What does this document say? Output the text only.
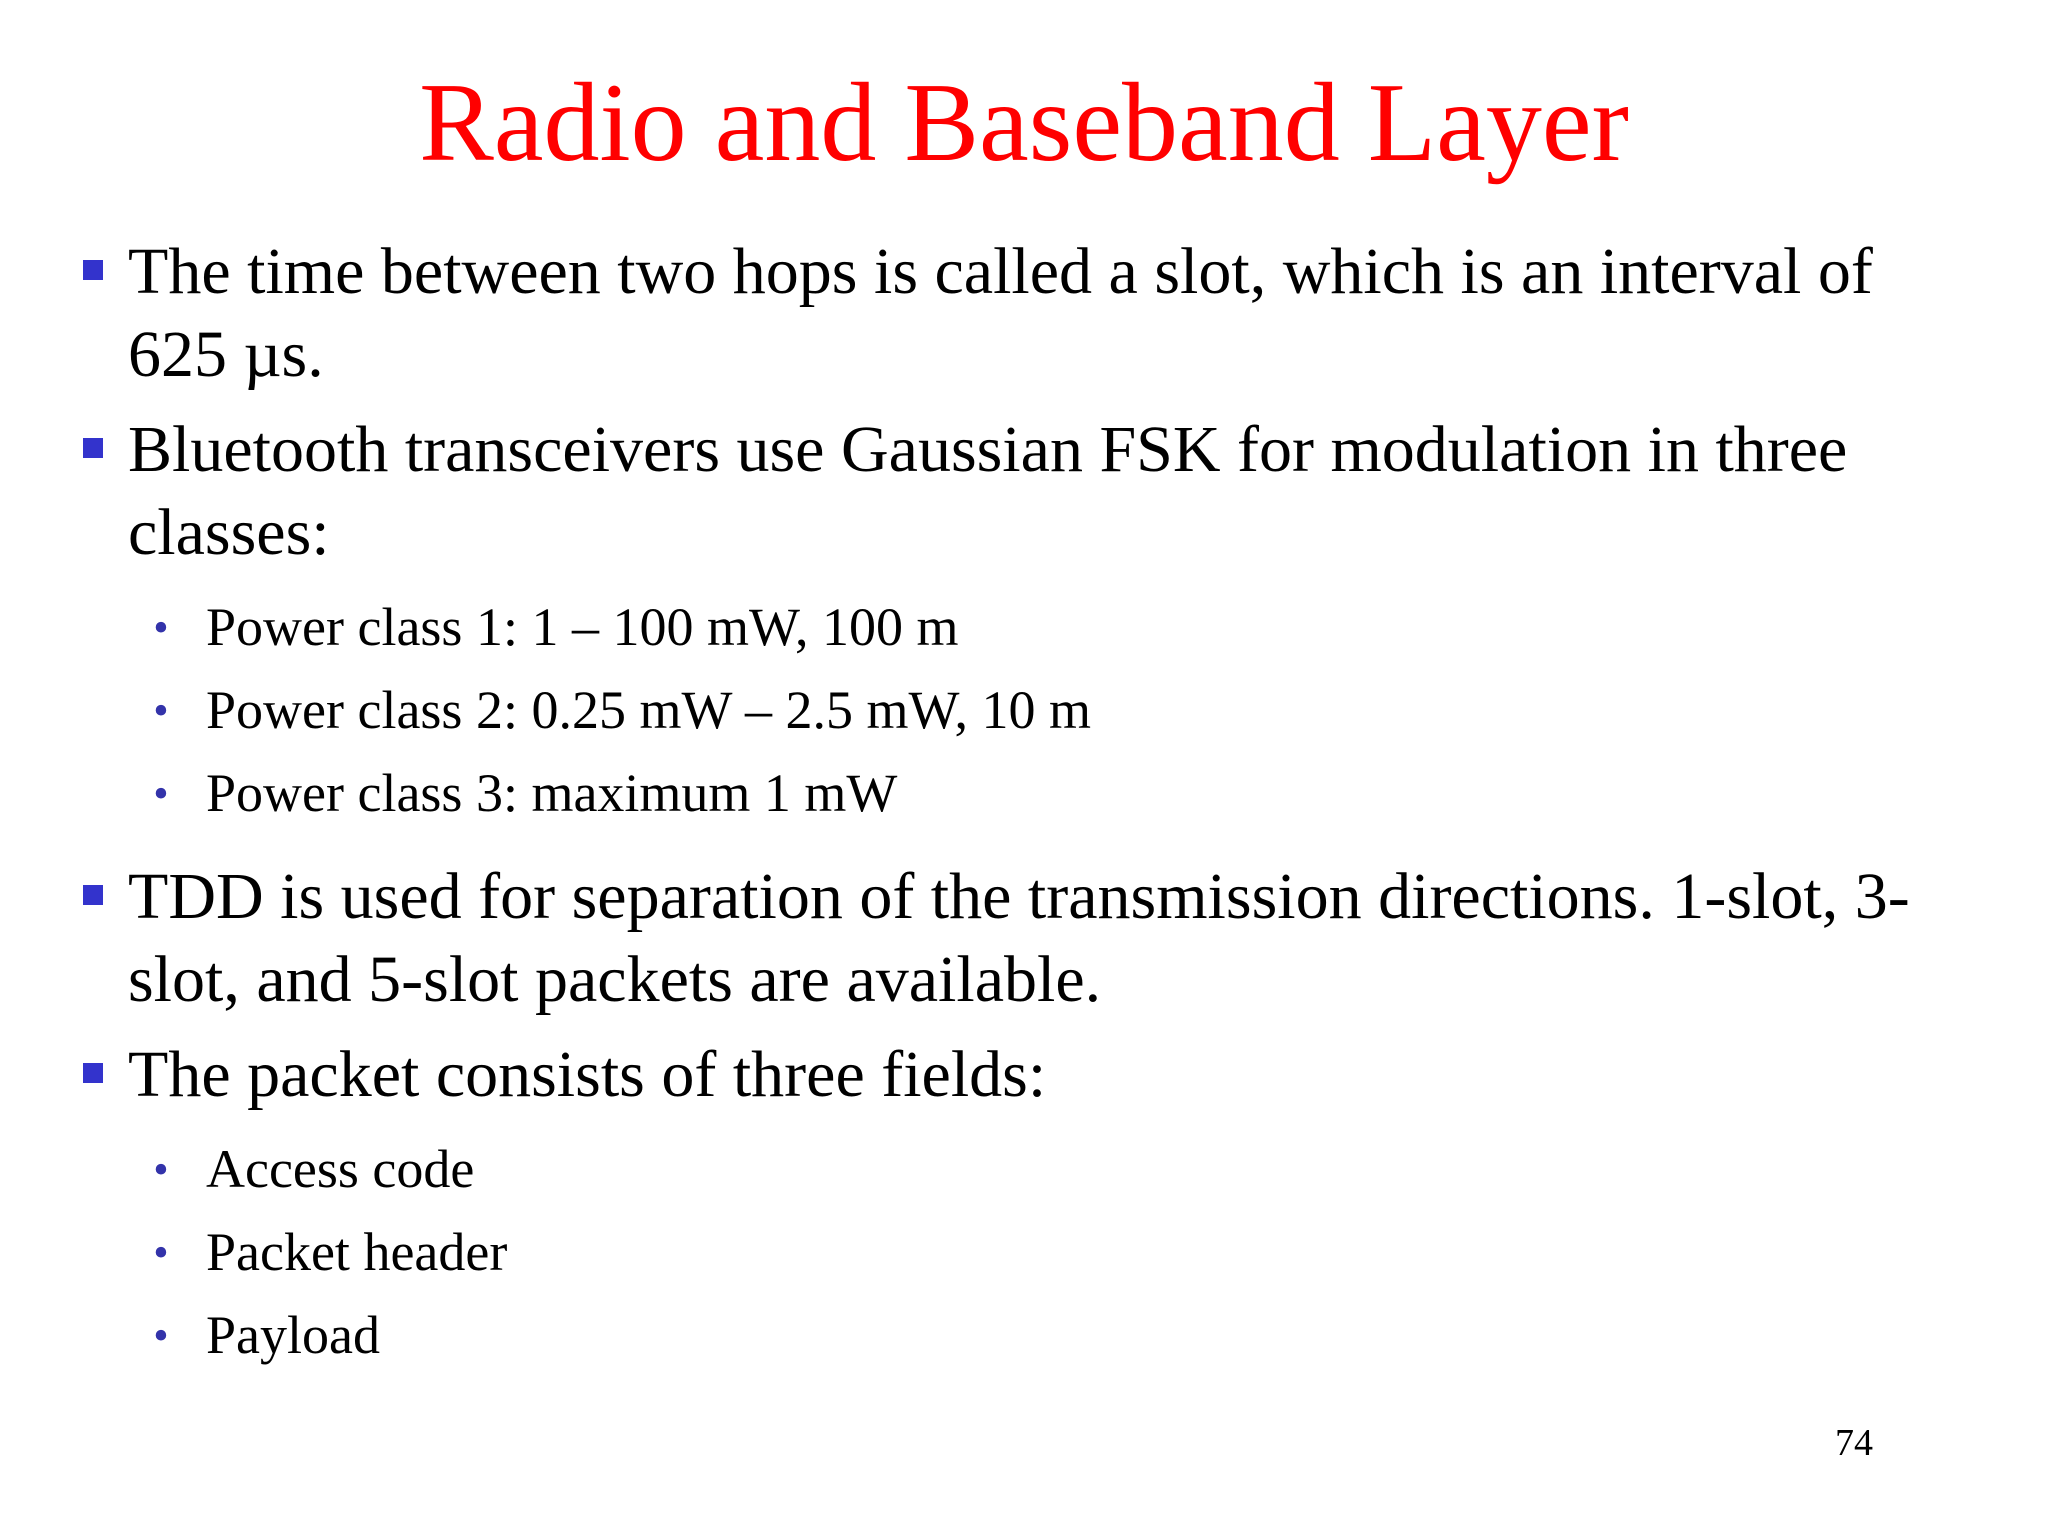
Radio and Baseband Layer
The time between two hops is called a slot, which is an interval of 625 µs.
Bluetooth transceivers use Gaussian FSK for modulation in three classes:
• Power class 1: 1 – 100 mW, 100 m
• Power class 2: 0.25 mW – 2.5 mW, 10 m
• Power class 3: maximum 1 mW
TDD is used for separation of the transmission directions. 1-slot, 3-slot, and 5-slot packets are available.
The packet consists of three fields:
• Access code
• Packet header
• Payload
74
